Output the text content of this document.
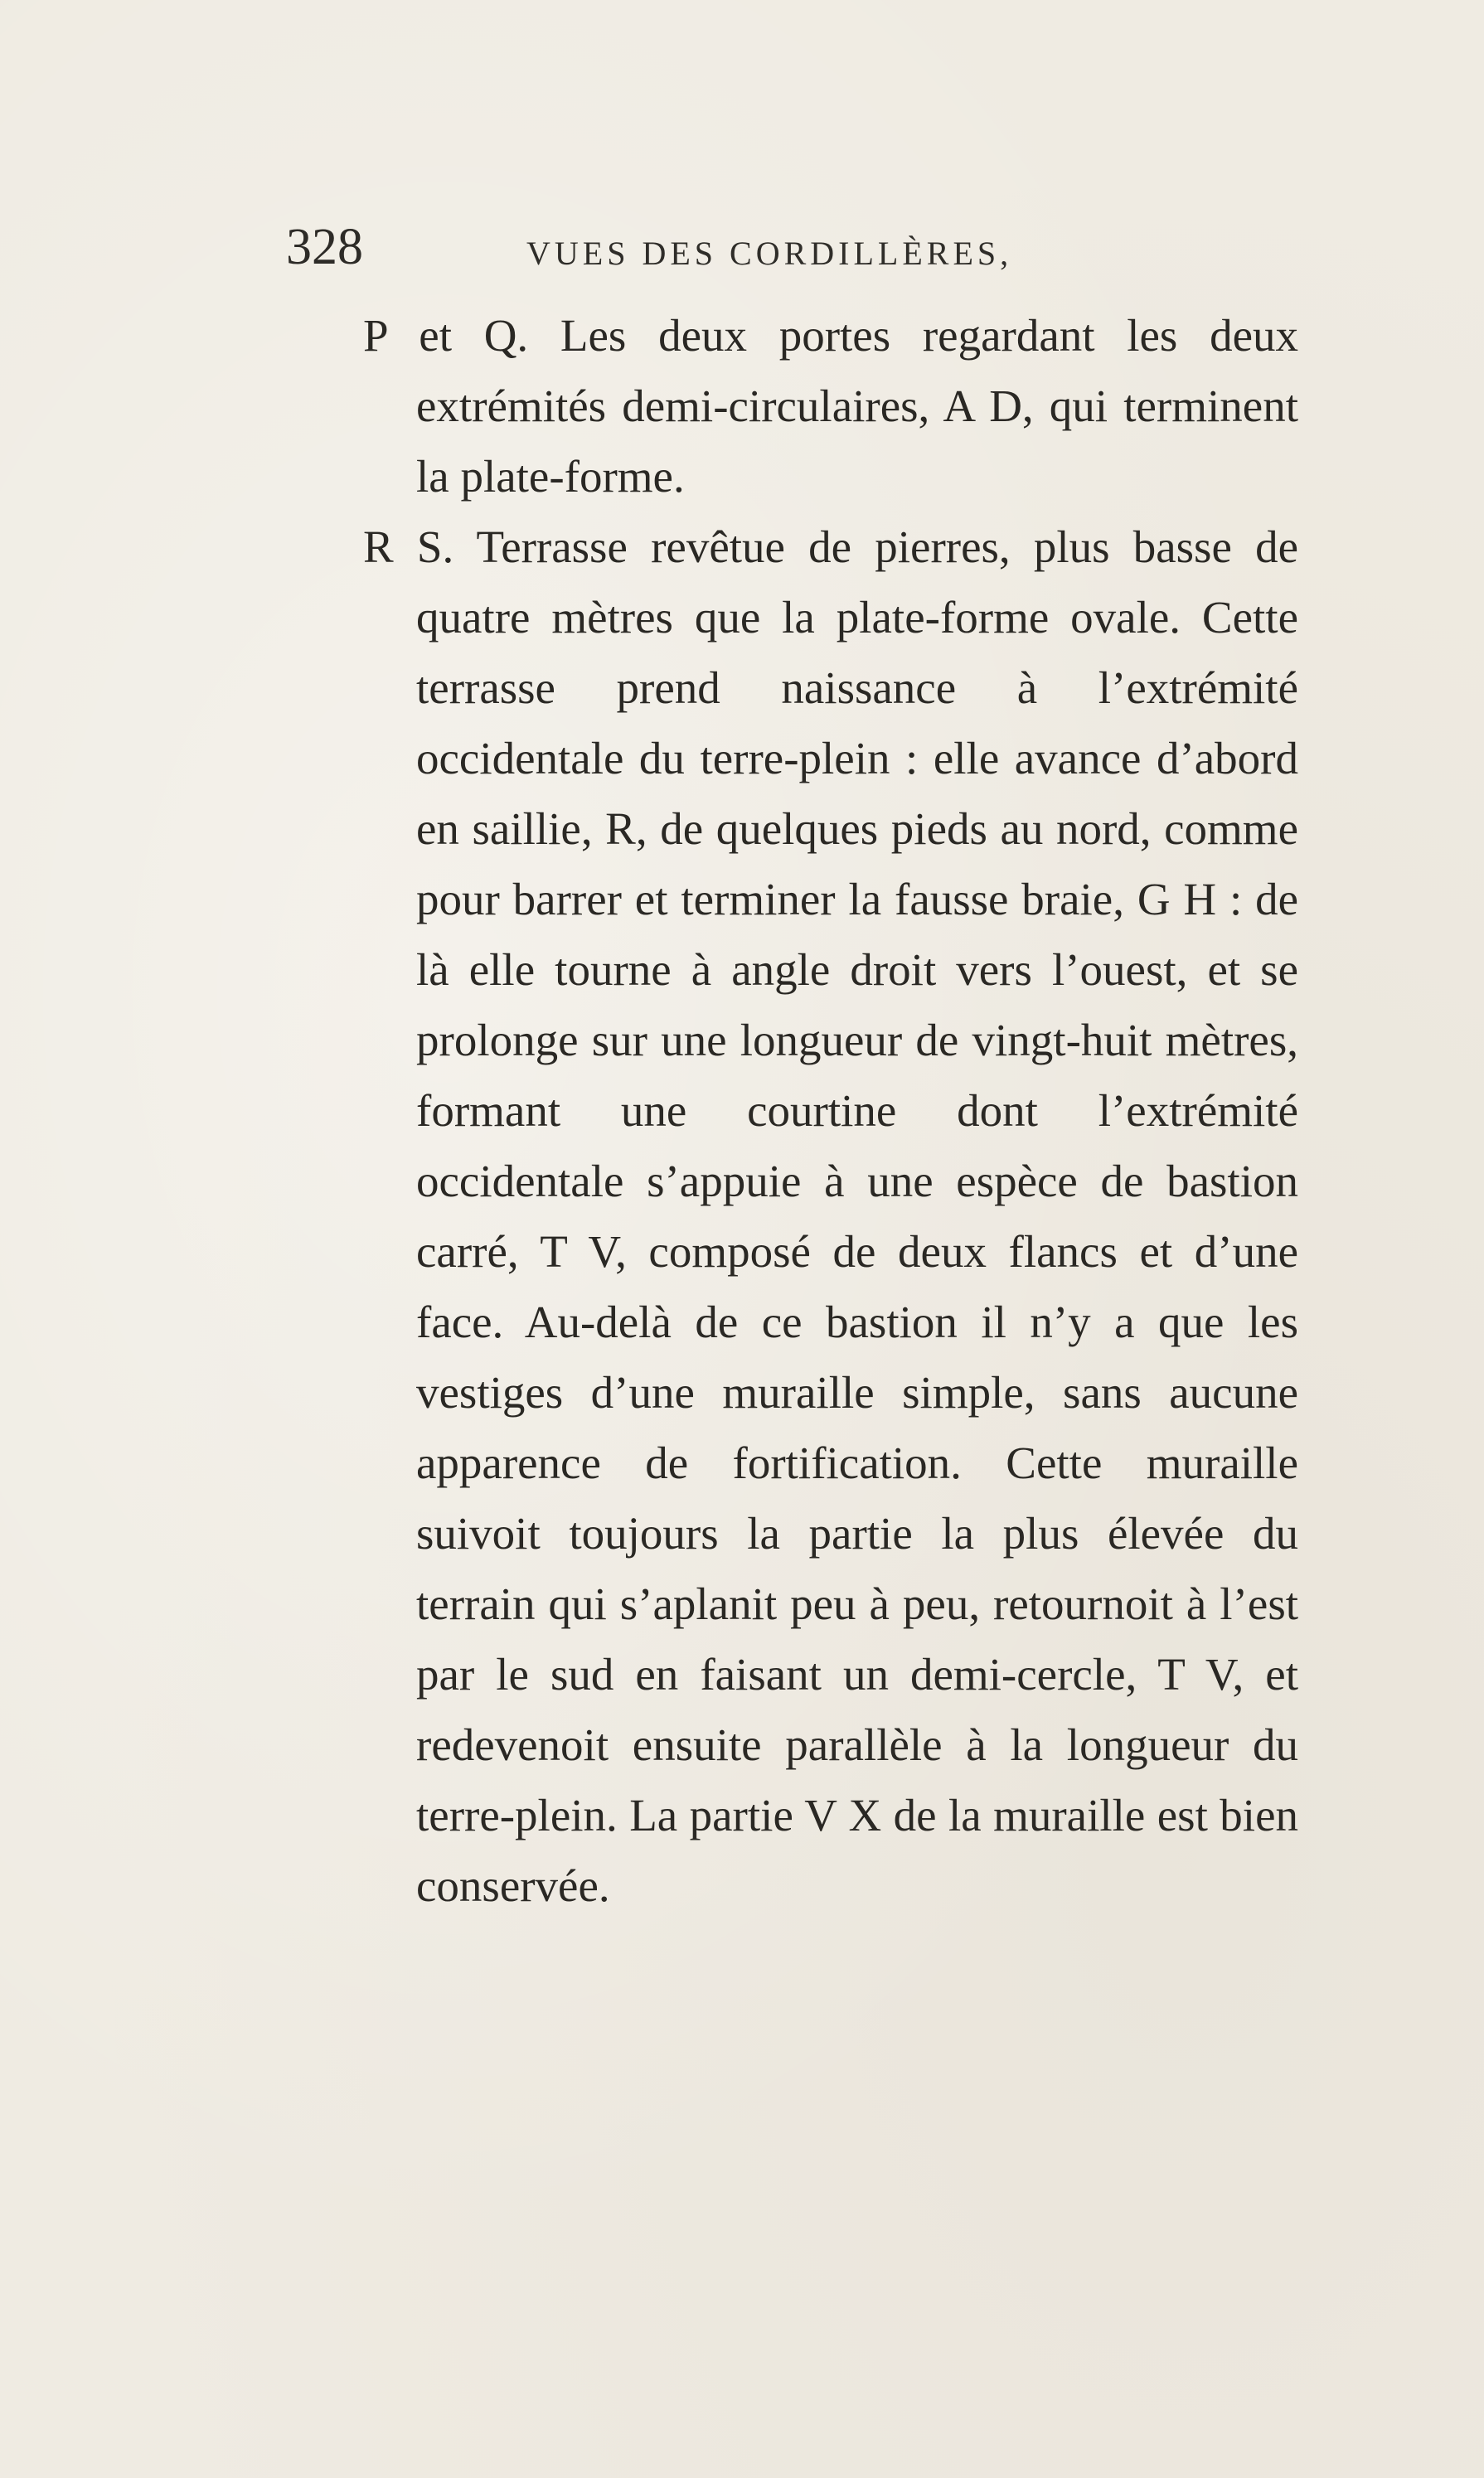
328	VUES DES CORDILLÈRES,

P et Q. Les deux portes regardant les deux extrémités demi-circulaires, A D, qui terminent la plate-forme.

R S. Terrasse revêtue de pierres, plus basse de quatre mètres que la plate-forme ovale. Cette terrasse prend naissance à l’extrémité occidentale du terre-plein : elle avance d’abord en saillie, R, de quelques pieds au nord, comme pour barrer et terminer la fausse braie, G H : de là elle tourne à angle droit vers l’ouest, et se prolonge sur une longueur de vingt-huit mètres, formant une courtine dont l’extrémité occidentale s’appuie à une espèce de bastion carré, T V, composé de deux flancs et d’une face. Au-delà de ce bastion il n’y a que les vestiges d’une muraille simple, sans aucune apparence de fortification. Cette muraille suivoit toujours la partie la plus élevée du terrain qui s’aplanit peu à peu, retournoit à l’est par le sud en faisant un demi-cercle, T V, et redevenoit ensuite parallèle à la longueur du terre-plein. La partie V X de la muraille est bien conservée.
